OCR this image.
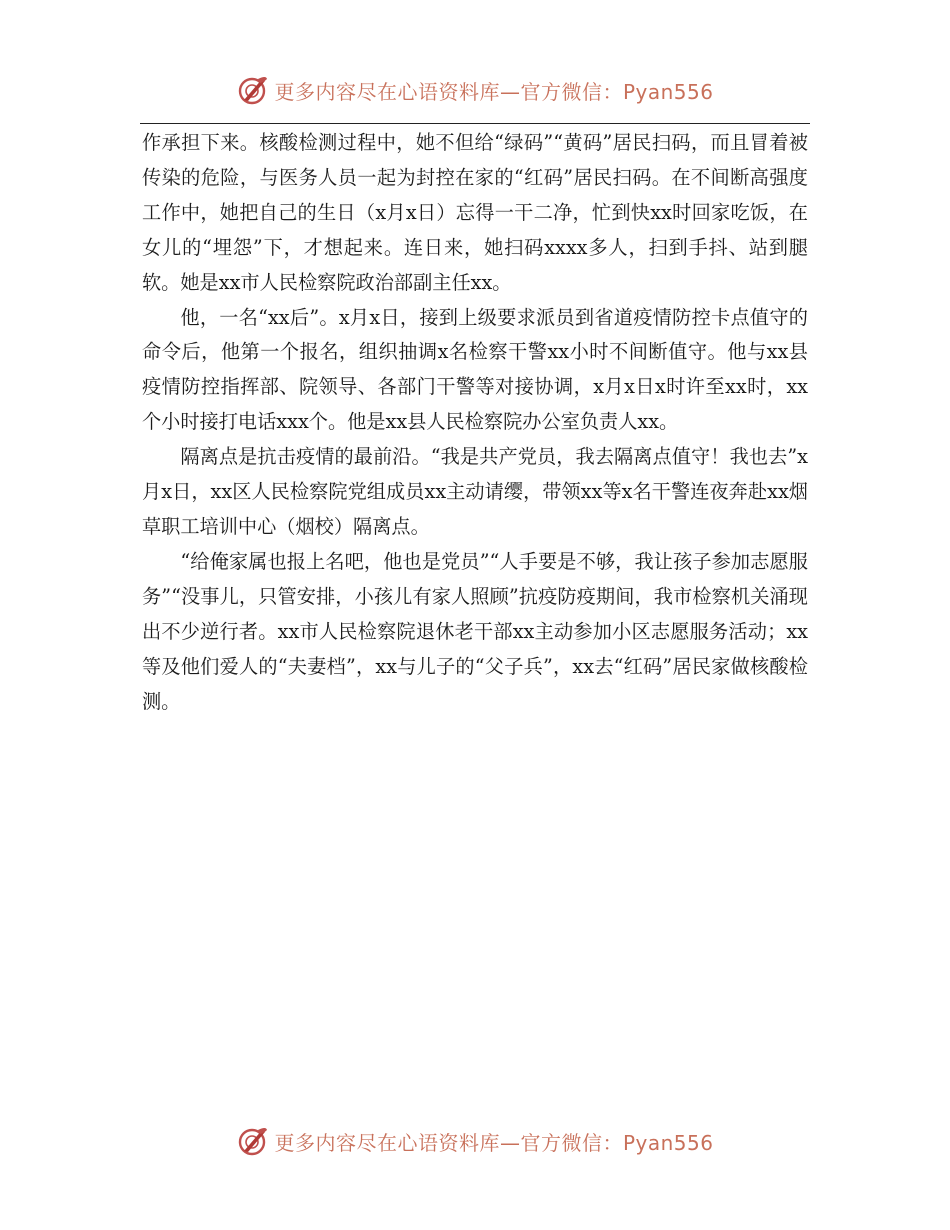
更多内容尽在心语资料库—官方微信：Pyan556

作承担下来。核酸检测过程中，她不但给“绿码”“黄码”居民扫码，而且冒着被传染的危险，与医务人员一起为封控在家的“红码”居民扫码。在不间断高强度工作中，她把自己的生日（x月x日）忘得一干二净，忙到快xx时回家吃饭，在女儿的“埋怨”下，才想起来。连日来，她扫码xxxx多人，扫到手抖、站到腿软。她是xx市人民检察院政治部副主任xx。

他，一名“xx后”。x月x日，接到上级要求派员到省道疫情防控卡点值守的命令后，他第一个报名，组织抽调x名检察干警xx小时不间断值守。他与xx县疫情防控指挥部、院领导、各部门干警等对接协调，x月x日x时许至xx时，xx个小时接打电话xxx个。他是xx县人民检察院办公室负责人xx。

隔离点是抗击疫情的最前沿。“我是共产党员，我去隔离点值守！我也去”x月x日，xx区人民检察院党组成员xx主动请缨，带领xx等x名干警连夜奔赴xx烟草职工培训中心（烟校）隔离点。

“给俺家属也报上名吧，他也是党员”“人手要是不够，我让孩子参加志愿服务”“没事儿，只管安排，小孩儿有家人照顾”抗疫防疫期间，我市检察机关涌现出不少逆行者。xx市人民检察院退休老干部xx主动参加小区志愿服务活动；xx等及他们爱人的“夫妻档”，xx与儿子的“父子兵”，xx去“红码”居民家做核酸检测。

更多内容尽在心语资料库—官方微信：Pyan556
